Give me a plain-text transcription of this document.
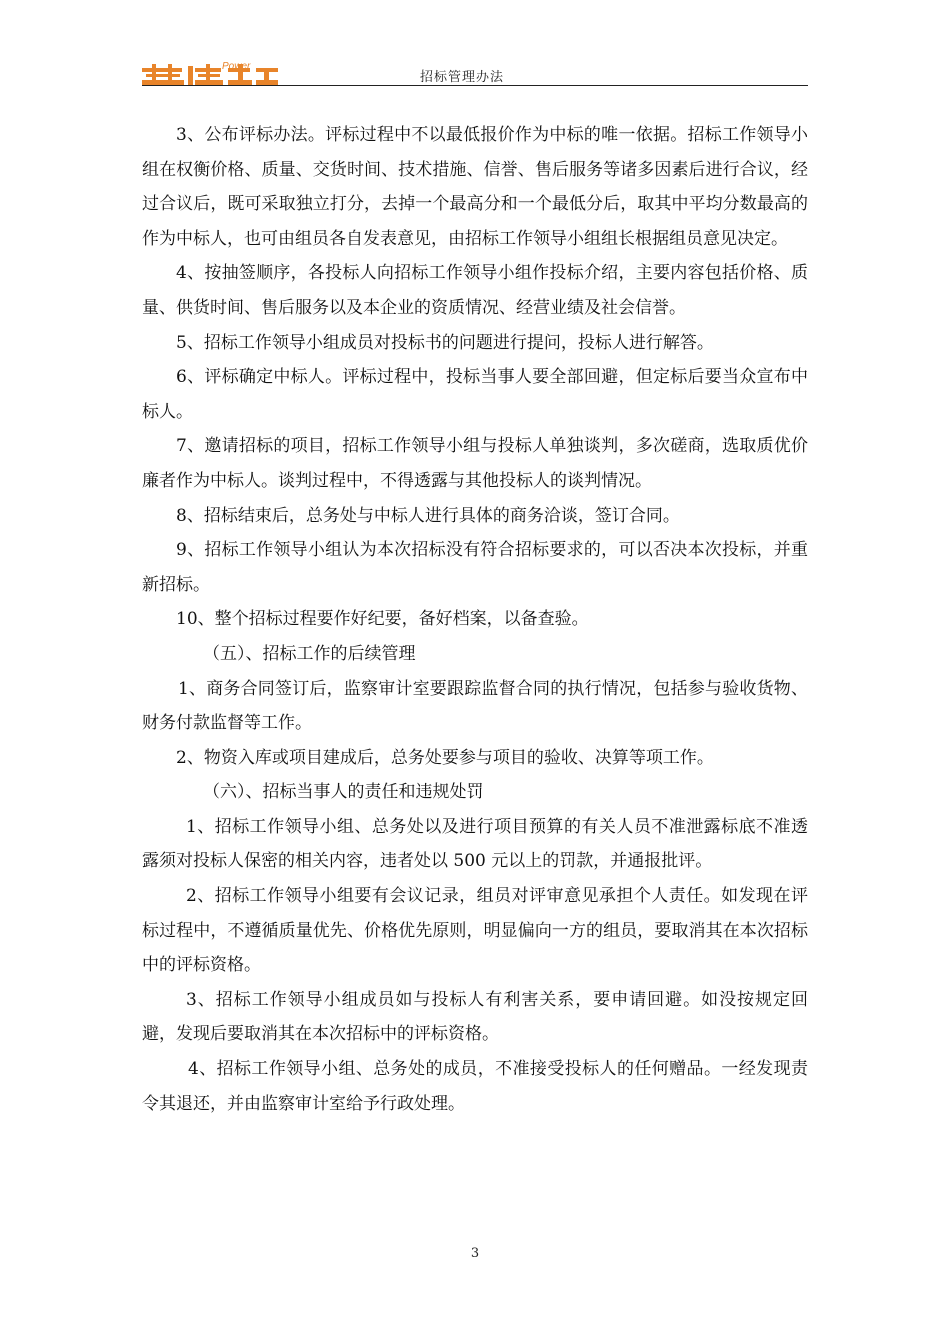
Power
招标管理办法

3、公布评标办法。评标过程中不以最低报价作为中标的唯一依据。招标工作领导小组在权衡价格、质量、交货时间、技术措施、信誉、售后服务等诸多因素后进行合议，经过合议后，既可采取独立打分，去掉一个最高分和一个最低分后，取其中平均分数最高的作为中标人，也可由组员各自发表意见，由招标工作领导小组组长根据组员意见决定。

4、按抽签顺序，各投标人向招标工作领导小组作投标介绍，主要内容包括价格、质量、供货时间、售后服务以及本企业的资质情况、经营业绩及社会信誉。

5、招标工作领导小组成员对投标书的问题进行提问，投标人进行解答。

6、评标确定中标人。评标过程中，投标当事人要全部回避，但定标后要当众宣布中标人。

7、邀请招标的项目，招标工作领导小组与投标人单独谈判，多次磋商，选取质优价廉者作为中标人。谈判过程中，不得透露与其他投标人的谈判情况。

8、招标结束后，总务处与中标人进行具体的商务洽谈，签订合同。

9、招标工作领导小组认为本次招标没有符合招标要求的，可以否决本次投标，并重新招标。

10、整个招标过程要作好纪要，备好档案，以备查验。

（五）、招标工作的后续管理

1、商务合同签订后，监察审计室要跟踪监督合同的执行情况，包括参与验收货物、财务付款监督等工作。

2、物资入库或项目建成后，总务处要参与项目的验收、决算等项工作。

（六）、招标当事人的责任和违规处罚

1、招标工作领导小组、总务处以及进行项目预算的有关人员不准泄露标底不准透露须对投标人保密的相关内容，违者处以 500 元以上的罚款，并通报批评。

2、招标工作领导小组要有会议记录，组员对评审意见承担个人责任。如发现在评标过程中，不遵循质量优先、价格优先原则，明显偏向一方的组员，要取消其在本次招标中的评标资格。

3、招标工作领导小组成员如与投标人有利害关系，要申请回避。如没按规定回避，发现后要取消其在本次招标中的评标资格。

4、招标工作领导小组、总务处的成员，不准接受投标人的任何赠品。一经发现责令其退还，并由监察审计室给予行政处理。

3
